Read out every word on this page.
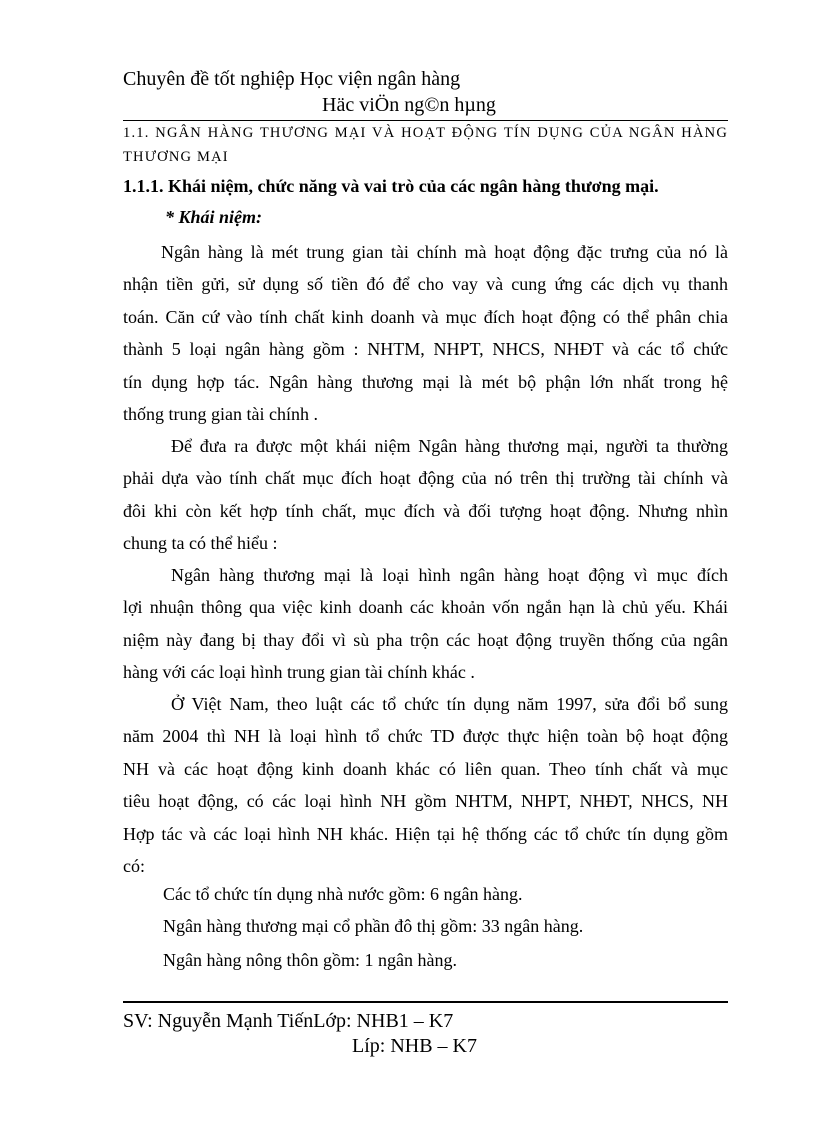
Chuyên đề tốt nghiệp Học viện ngân hàng
Häc viÖn ng©n hµng
1.1. NGÂN HÀNG THƯƠNG MẠI VÀ HOẠT ĐỘNG TÍN DỤNG CỦA NGÂN HÀNG THƯƠNG MẠI
1.1.1. Khái niệm, chức năng và vai trò của các ngân hàng thương mại.
* Khái niệm:
Ngân hàng là mét trung gian tài chính mà hoạt động đặc trưng của nó là
nhận tiền gửi, sử dụng số tiền đó để cho vay và cung ứng các dịch vụ thanh
toán. Căn cứ vào tính chất kinh doanh và mục đích hoạt động có thể phân chia
thành 5 loại ngân hàng gồm : NHTM, NHPT, NHCS, NHĐT và các tổ chức
tín dụng hợp tác. Ngân hàng thương mại là mét bộ phận lớn nhất trong hệ
thống trung gian tài chính .
Để đưa ra được một khái niệm Ngân hàng thương mại, người ta thường
phải dựa vào tính chất mục đích hoạt động của nó trên thị trường tài chính và
đôi khi còn kết hợp tính chất, mục đích và đối tượng hoạt động. Nhưng nhìn
chung ta có thể hiểu :
Ngân hàng thương mại là loại hình ngân hàng hoạt động vì mục đích
lợi nhuận thông qua việc kinh doanh các khoản vốn ngắn hạn là chủ yếu. Khái
niệm này đang bị thay đổi vì sù pha trộn các hoạt động truyền thống của ngân
hàng với các loại hình trung gian tài chính khác .
Ở Việt Nam, theo luật các tổ chức tín dụng năm 1997, sửa đổi bổ sung
năm 2004 thì NH là loại hình tổ chức TD được thực hiện toàn bộ hoạt động
NH và các hoạt động kinh doanh khác có liên quan. Theo tính chất và mục
tiêu hoạt động, có các loại hình NH gồm NHTM, NHPT, NHĐT, NHCS, NH
Hợp tác và các loại hình NH khác. Hiện tại hệ thống các tổ chức tín dụng gồm
có:
Các tổ chức tín dụng nhà nước gồm: 6 ngân hàng.
Ngân hàng thương mại cổ phần đô thị gồm: 33 ngân hàng.
Ngân hàng nông thôn gồm: 1 ngân hàng.
SV: Nguyễn Mạnh TiếnLớp: NHB1 – K7
Líp: NHB – K7
